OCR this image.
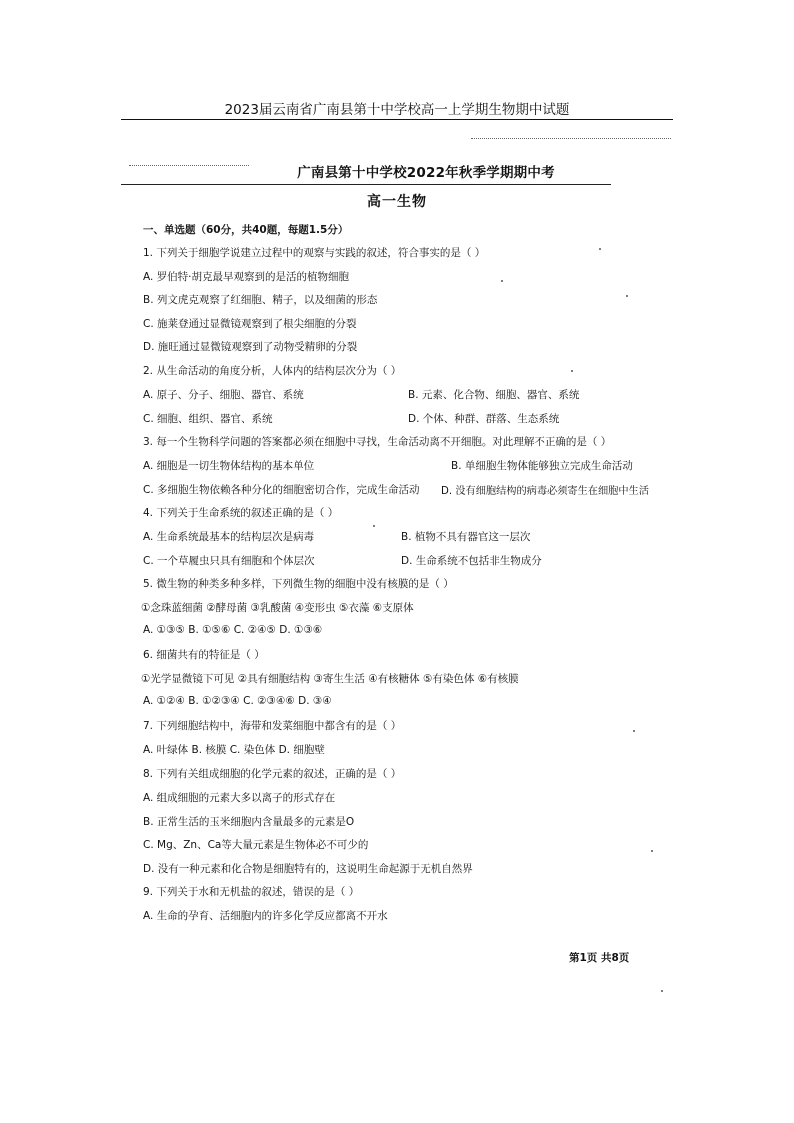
2023届云南省广南县第十中学校高一上学期生物期中试题
广南县第十中学校2022年秋季学期期中考
高一生物
一、单选题（60分，共40题，每题1.5分）
1. 下列关于细胞学说建立过程中的观察与实践的叙述，符合事实的是（ ）
A. 罗伯特·胡克最早观察到的是活的植物细胞
B. 列文虎克观察了红细胞、精子，以及细菌的形态
C. 施莱登通过显微镜观察到了根尖细胞的分裂
D. 施旺通过显微镜观察到了动物受精卵的分裂
2. 从生命活动的角度分析，人体内的结构层次分为（ ）
A. 原子、分子、细胞、器官、系统	B. 元素、化合物、细胞、器官、系统
C. 细胞、组织、器官、系统	D. 个体、种群、群落、生态系统
3. 每一个生物科学问题的答案都必须在细胞中寻找，生命活动离不开细胞。对此理解不正确的是（ ）
A. 细胞是一切生物体结构的基本单位	B. 单细胞生物体能够独立完成生命活动
C. 多细胞生物依赖各种分化的细胞密切合作，完成生命活动 D. 没有细胞结构的病毒必须寄生在细胞中生活
4. 下列关于生命系统的叙述正确的是（ ）
A. 生命系统最基本的结构层次是病毒	B. 植物不具有器官这一层次
C. 一个草履虫只具有细胞和个体层次	D. 生命系统不包括非生物成分
5. 微生物的种类多种多样，下列微生物的细胞中没有核膜的是（ ）
①念珠蓝细菌 ②酵母菌 ③乳酸菌 ④变形虫 ⑤衣藻 ⑥支原体
A. ①③⑤ B. ①⑤⑥ C. ②④⑤ D. ①③⑥
6. 细菌共有的特征是（ ）
①光学显微镜下可见 ②具有细胞结构 ③寄生生活 ④有核糖体 ⑤有染色体 ⑥有核膜
A. ①②④ B. ①②③④ C. ②③④⑥ D. ③④
7. 下列细胞结构中，海带和发菜细胞中都含有的是（ ）
A. 叶绿体 B. 核膜 C. 染色体 D. 细胞壁
8. 下列有关组成细胞的化学元素的叙述，正确的是（ ）
A. 组成细胞的元素大多以离子的形式存在
B. 正常生活的玉米细胞内含量最多的元素是O
C. Mg、Zn、Ca等大量元素是生物体必不可少的
D. 没有一种元素和化合物是细胞特有的，这说明生命起源于无机自然界
9. 下列关于水和无机盐的叙述，错误的是（ ）
A. 生命的孕育、活细胞内的许多化学反应都离不开水
第1页 共8页
